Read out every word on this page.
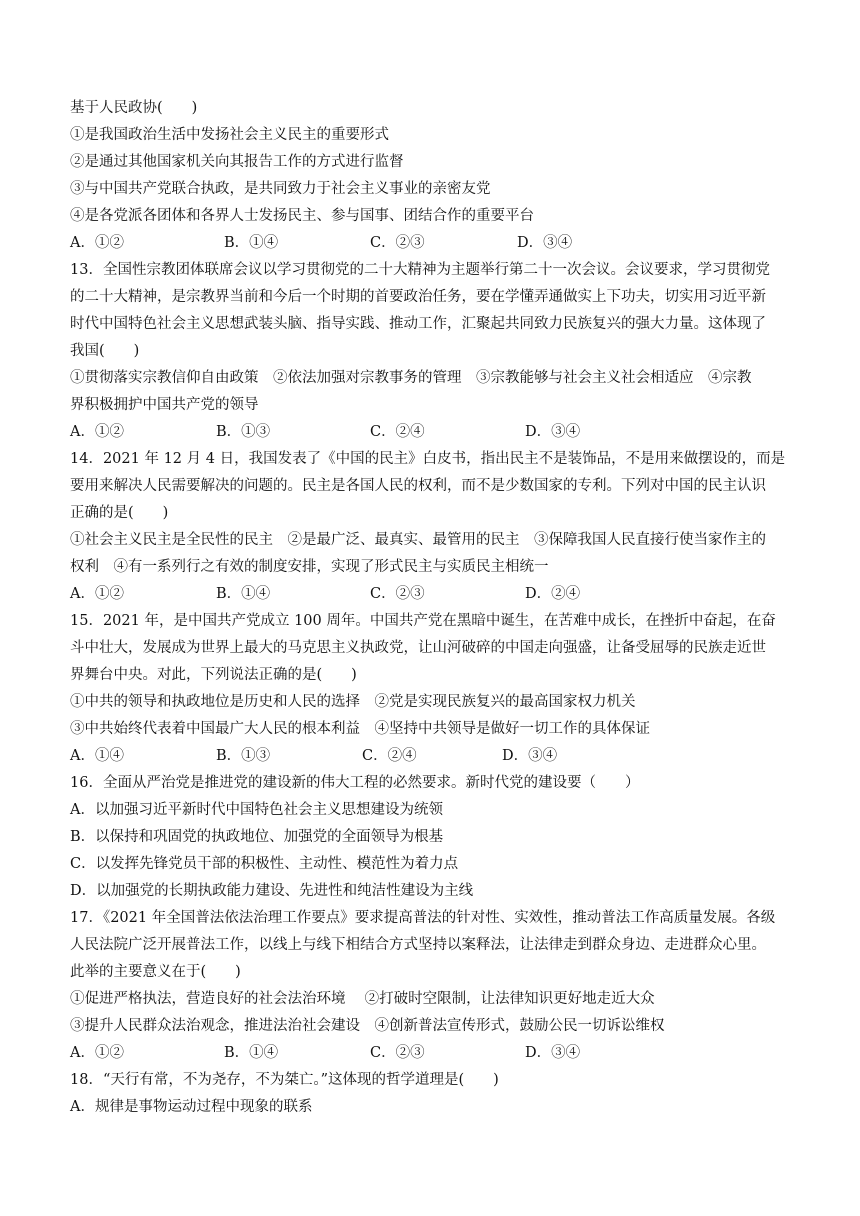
基于人民政协(　　)
①是我国政治生活中发扬社会主义民主的重要形式
②是通过其他国家机关向其报告工作的方式进行监督
③与中国共产党联合执政，是共同致力于社会主义事业的亲密友党
④是各党派各团体和各界人士发扬民主、参与国事、团结合作的重要平台
A．①②	B．①④	C．②③	D．③④
13．全国性宗教团体联席会议以学习贯彻党的二十大精神为主题举行第二十一次会议。会议要求，学习贯彻党
的二十大精神，是宗教界当前和今后一个时期的首要政治任务，要在学懂弄通做实上下功夫，切实用习近平新
时代中国特色社会主义思想武装头脑、指导实践、推动工作，汇聚起共同致力民族复兴的强大力量。这体现了
我国(　　)
①贯彻落实宗教信仰自由政策　②依法加强对宗教事务的管理　③宗教能够与社会主义社会相适应　④宗教
界积极拥护中国共产党的领导
A．①②	B．①③	C．②④	D．③④
14．2021 年 12 月 4 日，我国发表了《中国的民主》白皮书，指出民主不是装饰品，不是用来做摆设的，而是
要用来解决人民需要解决的问题的。民主是各国人民的权利，而不是少数国家的专利。下列对中国的民主认识
正确的是(　　)
①社会主义民主是全民性的民主　②是最广泛、最真实、最管用的民主　③保障我国人民直接行使当家作主的
权利　④有一系列行之有效的制度安排，实现了形式民主与实质民主相统一
A．①②	B．①④	C．②③	D．②④
15．2021 年，是中国共产党成立 100 周年。中国共产党在黑暗中诞生，在苦难中成长，在挫折中奋起，在奋
斗中壮大，发展成为世界上最大的马克思主义执政党，让山河破碎的中国走向强盛，让备受屈辱的民族走近世
界舞台中央。对此，下列说法正确的是(　　)
①中共的领导和执政地位是历史和人民的选择　②党是实现民族复兴的最高国家权力机关
③中共始终代表着中国最广大人民的根本利益　④坚持中共领导是做好一切工作的具体保证
A．①④	B．①③	C．②④	D．③④
16．全面从严治党是推进党的建设新的伟大工程的必然要求。新时代党的建设要（　　）
A．以加强习近平新时代中国特色社会主义思想建设为统领
B．以保持和巩固党的执政地位、加强党的全面领导为根基
C．以发挥先锋党员干部的积极性、主动性、模范性为着力点
D．以加强党的长期执政能力建设、先进性和纯洁性建设为主线
17．《2021 年全国普法依法治理工作要点》要求提高普法的针对性、实效性，推动普法工作高质量发展。各级
人民法院广泛开展普法工作，以线上与线下相结合方式坚持以案释法，让法律走到群众身边、走进群众心里。
此举的主要意义在于(　　)
①促进严格执法，营造良好的社会法治环境　 ②打破时空限制，让法律知识更好地走近大众
③提升人民群众法治观念，推进法治社会建设　④创新普法宣传形式，鼓励公民一切诉讼维权
A．①②	B．①④	C．②③	D．③④
18．“天行有常，不为尧存，不为桀亡。”这体现的哲学道理是(　　)
A．规律是事物运动过程中现象的联系
